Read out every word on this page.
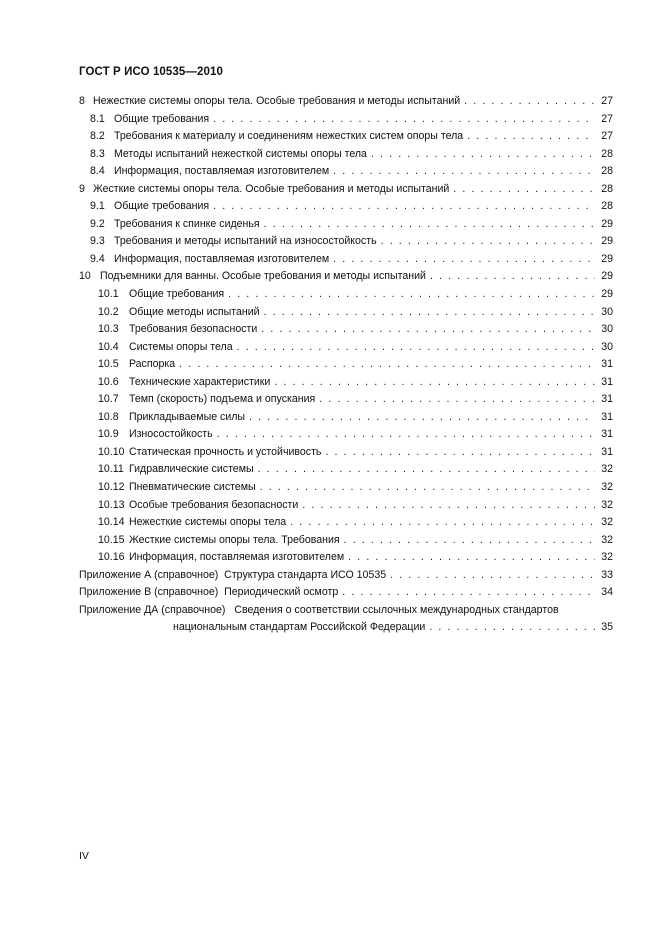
ГОСТ Р ИСО 10535—2010
8 Нежесткие системы опоры тела. Особые требования и методы испытаний . . .	27
8.1 Общие требования . . .	27
8.2 Требования к материалу и соединениям нежестких систем опоры тела . . .	27
8.3 Методы испытаний нежесткой системы опоры тела . . .	28
8.4 Информация, поставляемая изготовителем . . .	28
9 Жесткие системы опоры тела. Особые требования и методы испытаний . . .	28
9.1 Общие требования . . .	28
9.2 Требования к спинке сиденья . . .	29
9.3 Требования и методы испытаний на износостойкость . . .	29
9.4 Информация, поставляемая изготовителем . . .	29
10 Подъемники для ванны. Особые требования и методы испытаний . . .	29
10.1 Общие требования . . .	29
10.2 Общие методы испытаний . . .	30
10.3 Требования безопасности . . .	30
10.4 Системы опоры тела . . .	30
10.5 Распорка . . .	31
10.6 Технические характеристики . . .	31
10.7 Темп (скорость) подъема и опускания . . .	31
10.8 Прикладываемые силы . . .	31
10.9 Износостойкость . . .	31
10.10 Статическая прочность и устойчивость . . .	31
10.11 Гидравлические системы . . .	32
10.12 Пневматические системы . . .	32
10.13 Особые требования безопасности . . .	32
10.14 Нежесткие системы опоры тела . . .	32
10.15 Жесткие системы опоры тела. Требования . . .	32
10.16 Информация, поставляемая изготовителем . . .	32
Приложение А (справочное) Структура стандарта ИСО 10535 . . .	33
Приложение В (справочное) Периодический осмотр . . .	34
Приложение ДА (справочное) Сведения о соответствии ссылочных международных стандартов
национальным стандартам Российской Федерации . . .	35
IV
